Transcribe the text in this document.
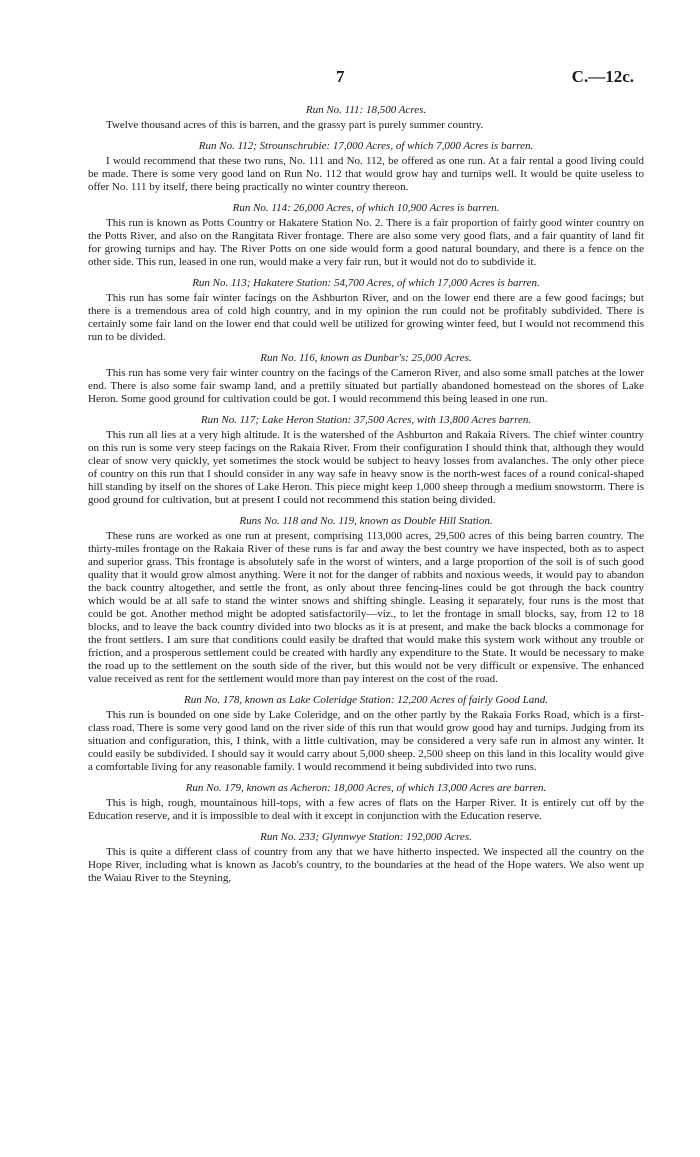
7	C.—12c.
Run No. 111: 18,500 Acres.

Twelve thousand acres of this is barren, and the grassy part is purely summer country.

Run No. 112; Strounschrubie: 17,000 Acres, of which 7,000 Acres is barren.

I would recommend that these two runs, No. 111 and No. 112, be offered as one run. At a fair rental a good living could be made. There is some very good land on Run No. 112 that would grow hay and turnips well. It would be quite useless to offer No. 111 by itself, there being practically no winter country thereon.

Run No. 114: 26,000 Acres, of which 10,900 Acres is barren.

This run is known as Potts Country or Hakatere Station No. 2. There is a fair proportion of fairly good winter country on the Potts River, and also on the Rangitata River frontage. There are also some very good flats, and a fair quantity of land fit for growing turnips and hay. The River Potts on one side would form a good natural boundary, and there is a fence on the other side. This run, leased in one run, would make a very fair run, but it would not do to subdivide it.

Run No. 113; Hakatere Station: 54,700 Acres, of which 17,000 Acres is barren.

This run has some fair winter facings on the Ashburton River, and on the lower end there are a few good facings; but there is a tremendous area of cold high country, and in my opinion the run could not be profitably subdivided. There is certainly some fair land on the lower end that could well be utilized for growing winter feed, but I would not recommend this run to be divided.

Run No. 116, known as Dunbar's: 25,000 Acres.

This run has some very fair winter country on the facings of the Cameron River, and also some small patches at the lower end. There is also some fair swamp land, and a prettily situated but partially abandoned homestead on the shores of Lake Heron. Some good ground for cultivation could be got. I would recommend this being leased in one run.

Run No. 117; Lake Heron Station: 37,500 Acres, with 13,800 Acres barren.

This run all lies at a very high altitude. It is the watershed of the Ashburton and Rakaia Rivers. The chief winter country on this run is some very steep facings on the Rakaia River. From their configuration I should think that, although they would clear of snow very quickly, yet sometimes the stock would be subject to heavy losses from avalanches. The only other piece of country on this run that I should consider in any way safe in heavy snow is the north-west faces of a round conical-shaped hill standing by itself on the shores of Lake Heron. This piece might keep 1,000 sheep through a medium snowstorm. There is good ground for cultivation, but at present I could not recommend this station being divided.

Runs No. 118 and No. 119, known as Double Hill Station.

These runs are worked as one run at present, comprising 113,000 acres, 29,500 acres of this being barren country. The thirty-miles frontage on the Rakaia River of these runs is far and away the best country we have inspected, both as to aspect and superior grass. This frontage is absolutely safe in the worst of winters, and a large proportion of the soil is of such good quality that it would grow almost anything. Were it not for the danger of rabbits and noxious weeds, it would pay to abandon the back country altogether, and settle the front, as only about three fencing-lines could be got through the back country which would be at all safe to stand the winter snows and shifting shingle. Leasing it separately, four runs is the most that could be got. Another method might be adopted satisfactorily—viz., to let the frontage in small blocks, say, from 12 to 18 blocks, and to leave the back country divided into two blocks as it is at present, and make the back blocks a commonage for the front settlers. I am sure that conditions could easily be drafted that would make this system work without any trouble or friction, and a prosperous settlement could be created with hardly any expenditure to the State. It would be necessary to make the road up to the settlement on the south side of the river, but this would not be very difficult or expensive. The enhanced value received as rent for the settlement would more than pay interest on the cost of the road.

Run No. 178, known as Lake Coleridge Station: 12,200 Acres of fairly Good Land.

This run is bounded on one side by Lake Coleridge, and on the other partly by the Rakaia Forks Road, which is a first-class road. There is some very good land on the river side of this run that would grow good hay and turnips. Judging from its situation and configuration, this, I think, with a little cultivation, may be considered a very safe run in almost any winter. It could easily be subdivided. I should say it would carry about 5,000 sheep. 2,500 sheep on this land in this locality would give a comfortable living for any reasonable family. I would recommend it being subdivided into two runs.

Run No. 179, known as Acheron: 18,000 Acres, of which 13,000 Acres are barren.

This is high, rough, mountainous hill-tops, with a few acres of flats on the Harper River. It is entirely cut off by the Education reserve, and it is impossible to deal with it except in conjunction with the Education reserve.

Run No. 233; Glynnwye Station: 192,000 Acres.

This is quite a different class of country from any that we have hitherto inspected. We inspected all the country on the Hope River, including what is known as Jacob's country, to the boundaries at the head of the Hope waters. We also went up the Waiau River to the Steyning,
